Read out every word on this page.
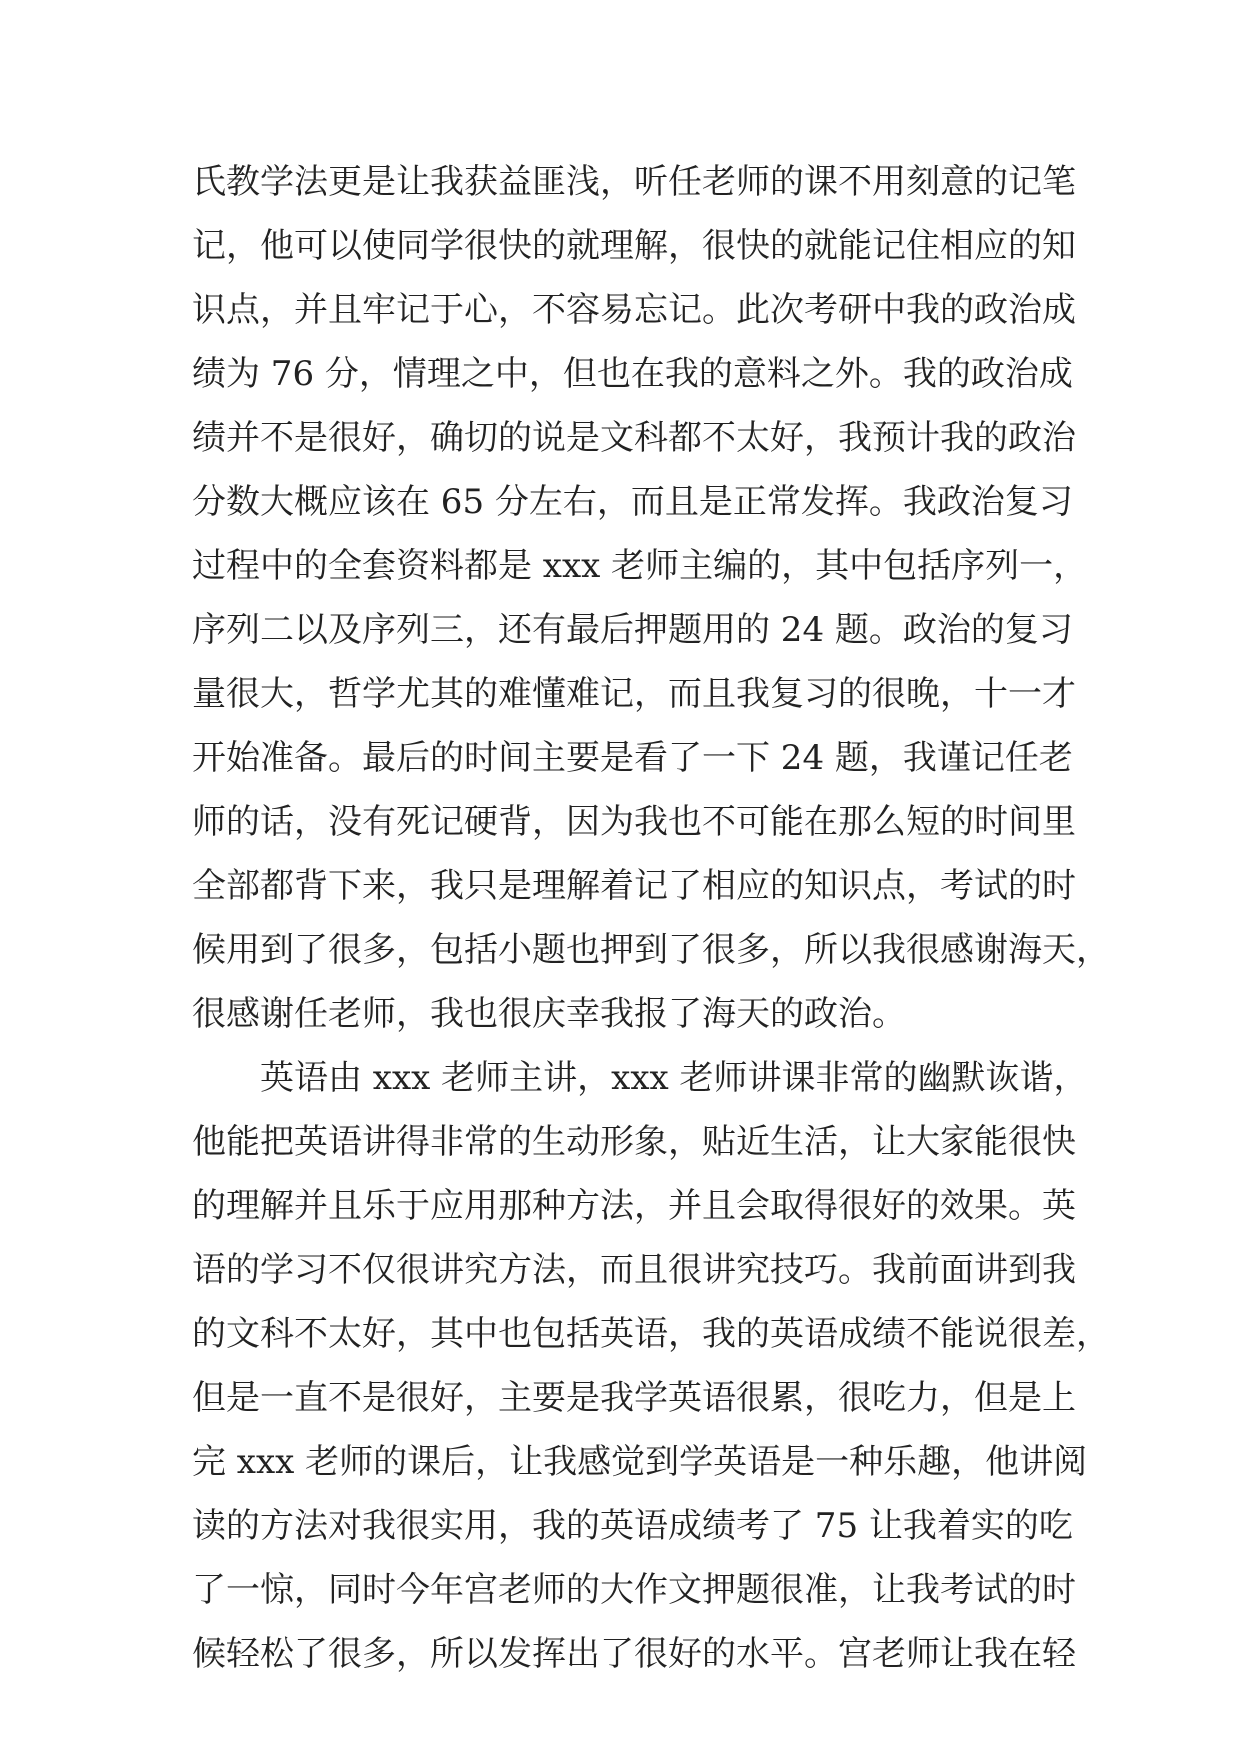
氏教学法更是让我获益匪浅，听任老师的课不用刻意的记笔
记，他可以使同学很快的就理解，很快的就能记住相应的知
识点，并且牢记于心，不容易忘记。此次考研中我的政治成
绩为 76 分，情理之中，但也在我的意料之外。我的政治成
绩并不是很好，确切的说是文科都不太好，我预计我的政治
分数大概应该在 65 分左右，而且是正常发挥。我政治复习
过程中的全套资料都是 xxx 老师主编的，其中包括序列一，
序列二以及序列三，还有最后押题用的 24 题。政治的复习
量很大，哲学尤其的难懂难记，而且我复习的很晚，十一才
开始准备。最后的时间主要是看了一下 24 题，我谨记任老
师的话，没有死记硬背，因为我也不可能在那么短的时间里
全部都背下来，我只是理解着记了相应的知识点，考试的时
候用到了很多，包括小题也押到了很多，所以我很感谢海天，
很感谢任老师，我也很庆幸我报了海天的政治。
英语由 xxx 老师主讲，xxx 老师讲课非常的幽默诙谐，
他能把英语讲得非常的生动形象，贴近生活，让大家能很快
的理解并且乐于应用那种方法，并且会取得很好的效果。英
语的学习不仅很讲究方法，而且很讲究技巧。我前面讲到我
的文科不太好，其中也包括英语，我的英语成绩不能说很差，
但是一直不是很好，主要是我学英语很累，很吃力，但是上
完 xxx 老师的课后，让我感觉到学英语是一种乐趣，他讲阅
读的方法对我很实用，我的英语成绩考了 75 让我着实的吃
了一惊，同时今年宫老师的大作文押题很准，让我考试的时
候轻松了很多，所以发挥出了很好的水平。宫老师让我在轻
